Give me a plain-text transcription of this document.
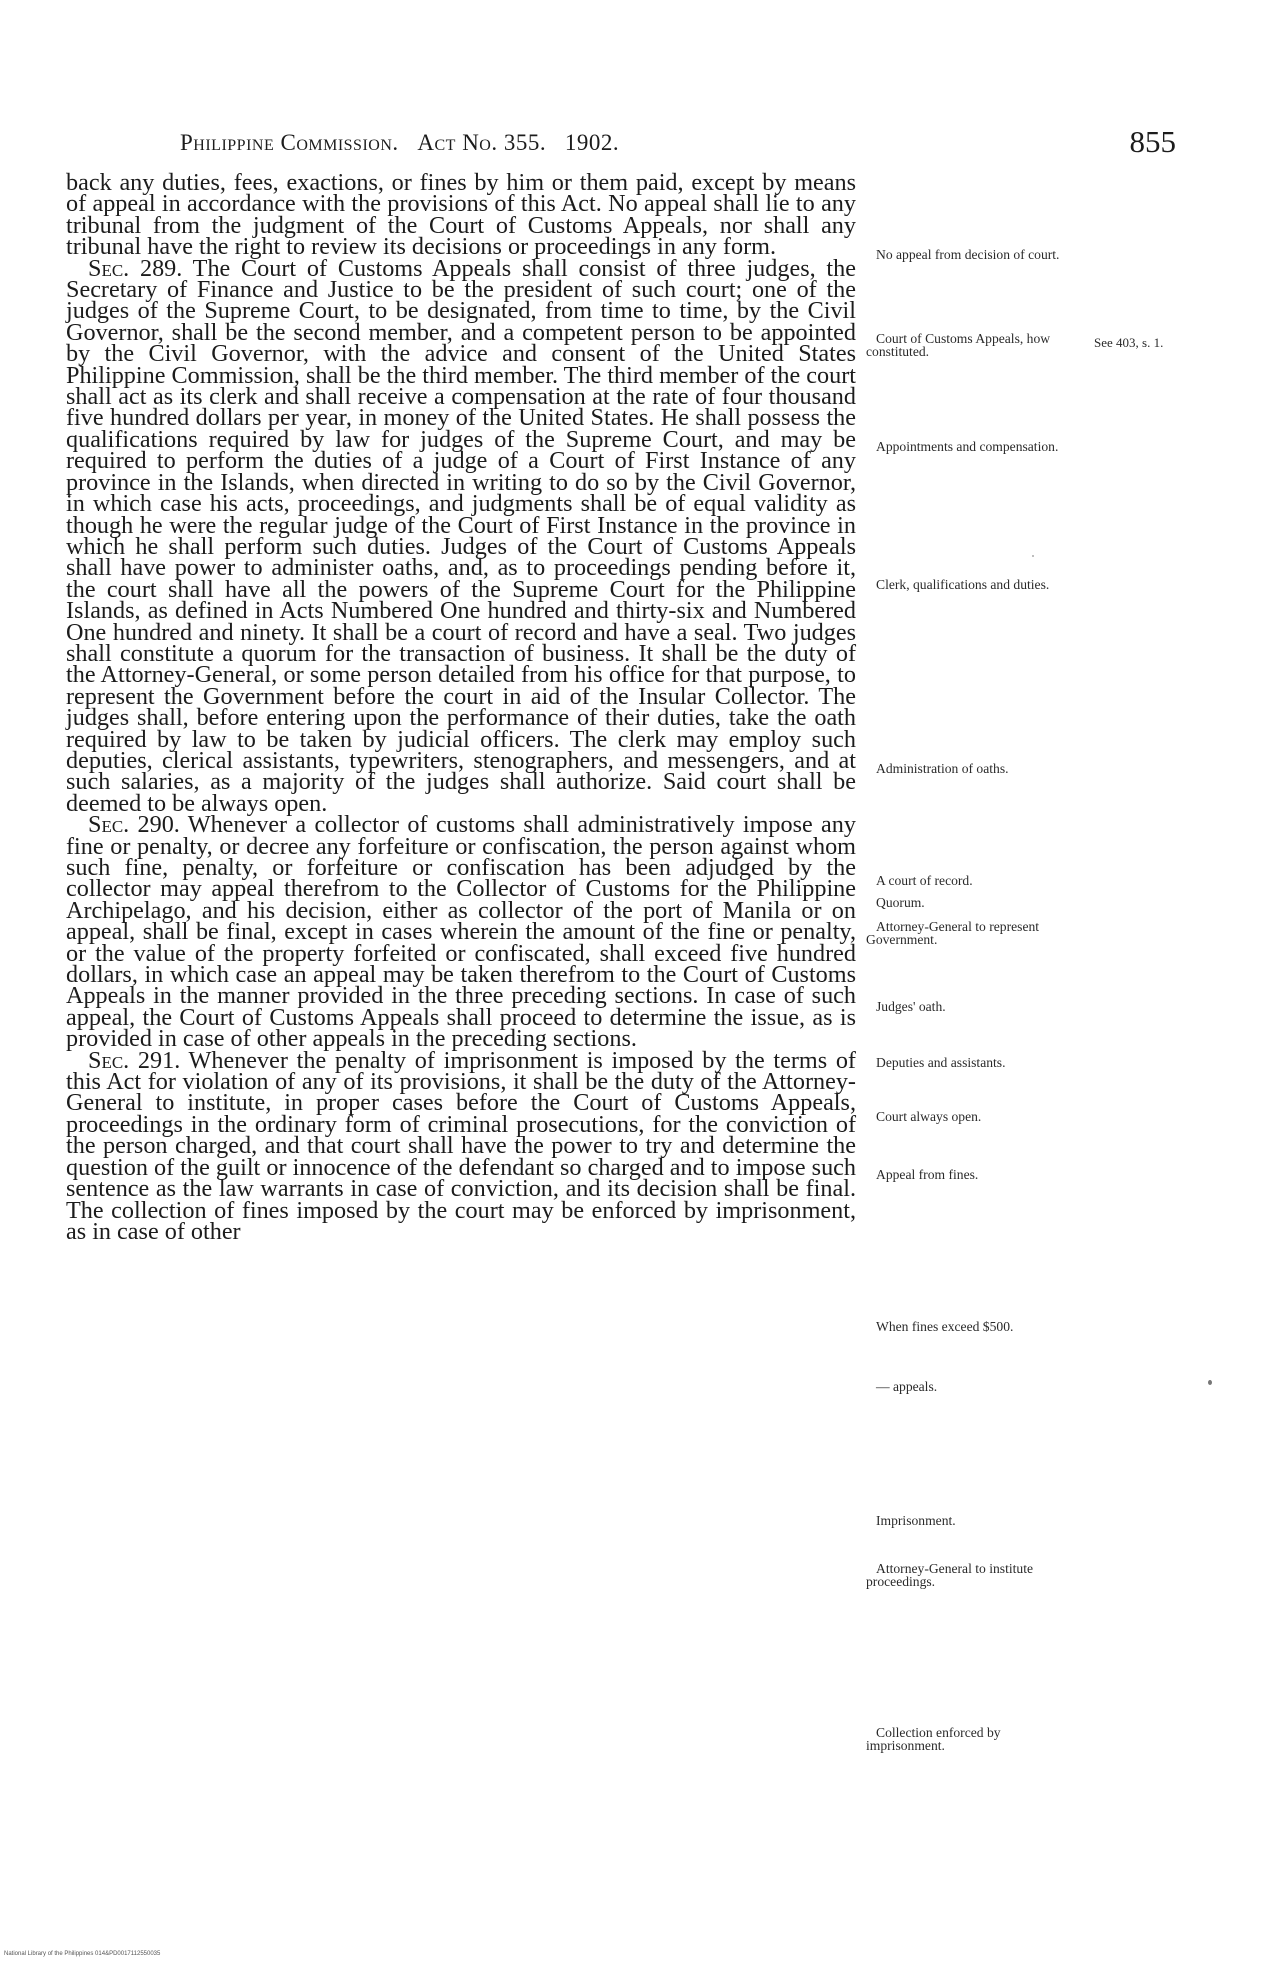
Philippine Commission. Act No. 355. 1902.	855

back any duties, fees, exactions, or fines by him or them paid, except by means of appeal in accordance with the provisions of this Act. No appeal shall lie to any tribunal from the judgment of the Court of Customs Appeals, nor shall any tribunal have the right to review its decisions or proceedings in any form.

Sec. 289. The Court of Customs Appeals shall consist of three judges, the Secretary of Finance and Justice to be the president of such court; one of the judges of the Supreme Court, to be designated, from time to time, by the Civil Governor, shall be the second member, and a competent person to be appointed by the Civil Governor, with the advice and consent of the United States Philippine Commission, shall be the third member. The third member of the court shall act as its clerk and shall receive a compensation at the rate of four thousand five hundred dollars per year, in money of the United States. He shall possess the qualifications required by law for judges of the Supreme Court, and may be required to perform the duties of a judge of a Court of First Instance of any province in the Islands, when directed in writing to do so by the Civil Governor, in which case his acts, proceedings, and judgments shall be of equal validity as though he were the regular judge of the Court of First Instance in the province in which he shall perform such duties. Judges of the Court of Customs Appeals shall have power to administer oaths, and, as to proceedings pending before it, the court shall have all the powers of the Supreme Court for the Philippine Islands, as defined in Acts Numbered One hundred and thirty-six and Numbered One hundred and ninety. It shall be a court of record and have a seal. Two judges shall constitute a quorum for the transaction of business. It shall be the duty of the Attorney-General, or some person detailed from his office for that purpose, to represent the Government before the court in aid of the Insular Collector. The judges shall, before entering upon the performance of their duties, take the oath required by law to be taken by judicial officers. The clerk may employ such deputies, clerical assistants, typewriters, stenographers, and messengers, and at such salaries, as a majority of the judges shall authorize. Said court shall be deemed to be always open.

Sec. 290. Whenever a collector of customs shall administratively impose any fine or penalty, or decree any forfeiture or confiscation, the person against whom such fine, penalty, or forfeiture or confiscation has been adjudged by the collector may appeal therefrom to the Collector of Customs for the Philippine Archipelago, and his decision, either as collector of the port of Manila or on appeal, shall be final, except in cases wherein the amount of the fine or penalty, or the value of the property forfeited or confiscated, shall exceed five hundred dollars, in which case an appeal may be taken therefrom to the Court of Customs Appeals in the manner provided in the three preceding sections. In case of such appeal, the Court of Customs Appeals shall proceed to determine the issue, as is provided in case of other appeals in the preceding sections.

Sec. 291. Whenever the penalty of imprisonment is imposed by the terms of this Act for violation of any of its provisions, it shall be the duty of the Attorney-General to institute, in proper cases before the Court of Customs Appeals, proceedings in the ordinary form of criminal prosecutions, for the conviction of the person charged, and that court shall have the power to try and determine the question of the guilt or innocence of the defendant so charged and to impose such sentence as the law warrants in case of conviction, and its decision shall be final. The collection of fines imposed by the court may be enforced by imprisonment, as in case of other

No appeal from decision of court.
Court of Customs Appeals, how constituted.
Appointments and compensation.
Clerk, qualifications and duties.
Administration of oaths.
A court of record.
Quorum.
Attorney-General to represent Government.
Judges' oath.
Deputies and assistants.
Court always open.
Appeal from fines.
When fines exceed $500.
— appeals.
Imprisonment.
Attorney-General to institute proceedings.
Collection enforced by imprisonment.
See 403, s. 1.
National Library of the Philippines 014&PD0017112550035
